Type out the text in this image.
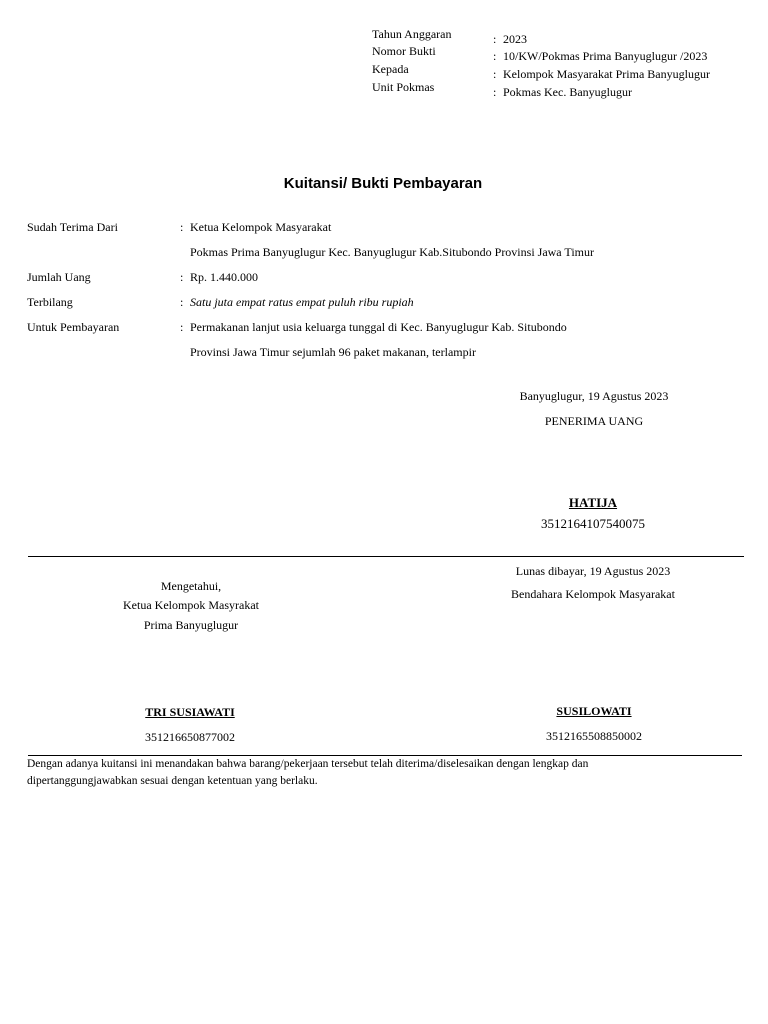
Tahun Anggaran	: 2023
Nomor Bukti	: 10/KW/Pokmas Prima Banyuglugur /2023
Kepada	: Kelompok Masyarakat Prima Banyuglugur
Unit Pokmas	: Pokmas Kec. Banyuglugur
Kuitansi/ Bukti Pembayaran
Sudah Terima Dari	: Ketua Kelompok Masyarakat
Pokmas Prima Banyuglugur Kec. Banyuglugur Kab.Situbondo Provinsi Jawa Timur
Jumlah Uang	: Rp. 1.440.000
Terbilang	: Satu juta empat ratus empat puluh ribu rupiah
Untuk Pembayaran	: Permakanan lanjut usia keluarga tunggal di Kec. Banyuglugur Kab. Situbondo
Provinsi Jawa Timur sejumlah 96 paket makanan, terlampir
Banyuglugur, 19 Agustus 2023
PENERIMA UANG
HATIJA
3512164107540075
Lunas dibayar, 19 Agustus 2023
Bendahara Kelompok Masyarakat
Mengetahui,
Ketua Kelompok Masyrakat
Prima Banyuglugur
TRI SUSIAWATI
351216650877002
SUSILOWATI
3512165508850002
Dengan adanya kuitansi ini menandakan bahwa barang/pekerjaan tersebut telah diterima/diselesaikan dengan lengkap dan
dipertanggungjawabkan sesuai dengan ketentuan yang berlaku.
